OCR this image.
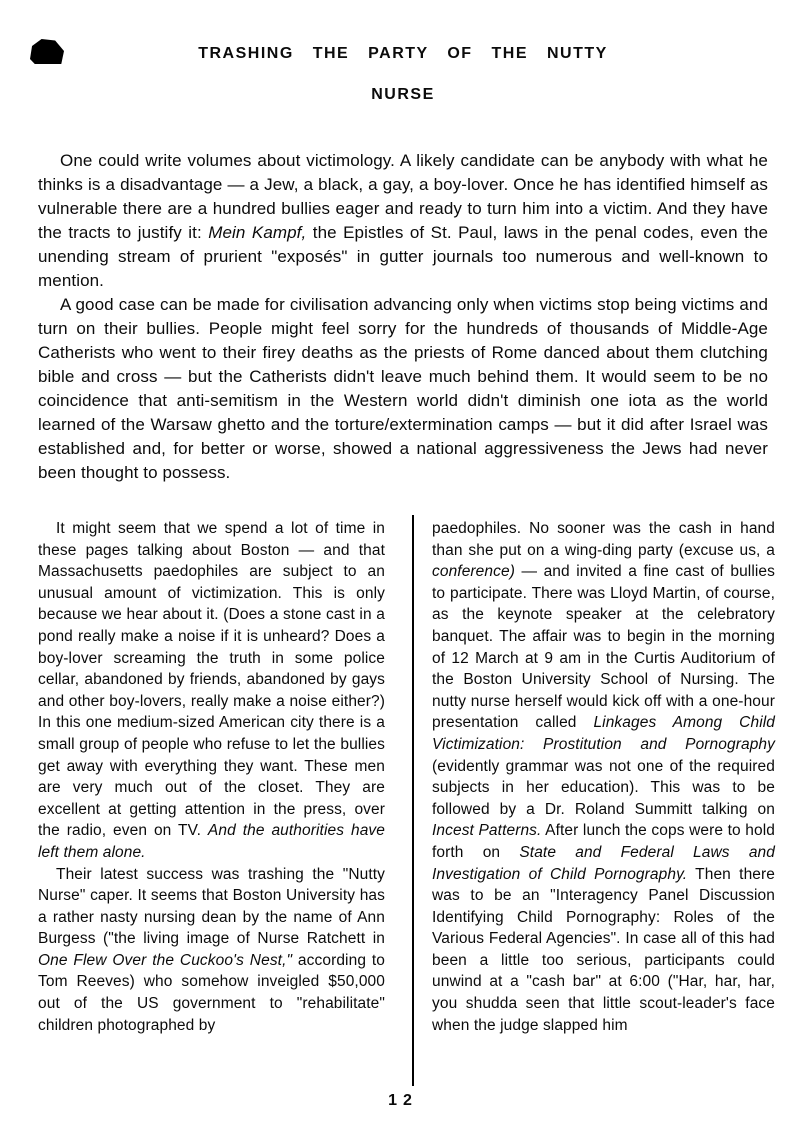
TRASHING THE PARTY OF THE NUTTY
NURSE

One could write volumes about victimology. A likely candidate can be anybody with what he thinks is a disadvantage — a Jew, a black, a gay, a boy-lover. Once he has identified himself as vulnerable there are a hundred bullies eager and ready to turn him into a victim. And they have the tracts to justify it: Mein Kampf, the Epistles of St. Paul, laws in the penal codes, even the unending stream of prurient "exposés" in gutter journals too numerous and well-known to mention.

A good case can be made for civilisation advancing only when victims stop being victims and turn on their bullies. People might feel sorry for the hundreds of thousands of Middle-Age Catherists who went to their firey deaths as the priests of Rome danced about them clutching bible and cross — but the Catherists didn't leave much behind them. It would seem to be no coincidence that anti-semitism in the Western world didn't diminish one iota as the world learned of the Warsaw ghetto and the torture/extermination camps — but it did after Israel was established and, for better or worse, showed a national aggressiveness the Jews had never been thought to possess.

It might seem that we spend a lot of time in these pages talking about Boston — and that Massachusetts paedophiles are subject to an unusual amount of victimization. This is only because we hear about it. (Does a stone cast in a pond really make a noise if it is unheard? Does a boy-lover screaming the truth in some police cellar, abandoned by friends, abandoned by gays and other boy-lovers, really make a noise either?) In this one medium-sized American city there is a small group of people who refuse to let the bullies get away with everything they want. These men are very much out of the closet. They are excellent at getting attention in the press, over the radio, even on TV. And the authorities have left them alone.

Their latest success was trashing the "Nutty Nurse" caper. It seems that Boston University has a rather nasty nursing dean by the name of Ann Burgess ("the living image of Nurse Ratchett in One Flew Over the Cuckoo's Nest," according to Tom Reeves) who somehow inveigled $50,000 out of the US government to "rehabilitate" children photographed by

paedophiles. No sooner was the cash in hand than she put on a wing-ding party (excuse us, a conference) — and invited a fine cast of bullies to participate. There was Lloyd Martin, of course, as the keynote speaker at the celebratory banquet. The affair was to begin in the morning of 12 March at 9 am in the Curtis Auditorium of the Boston University School of Nursing. The nutty nurse herself would kick off with a one-hour presentation called Linkages Among Child Victimization: Prostitution and Pornography (evidently grammar was not one of the required subjects in her education). This was to be followed by a Dr. Roland Summitt talking on Incest Patterns. After lunch the cops were to hold forth on State and Federal Laws and Investigation of Child Pornography. Then there was to be an "Interagency Panel Discussion Identifying Child Pornography: Roles of the Various Federal Agencies". In case all of this had been a little too serious, participants could unwind at a "cash bar" at 6:00 ("Har, har, har, you shudda seen that little scout-leader's face when the judge slapped him

12
